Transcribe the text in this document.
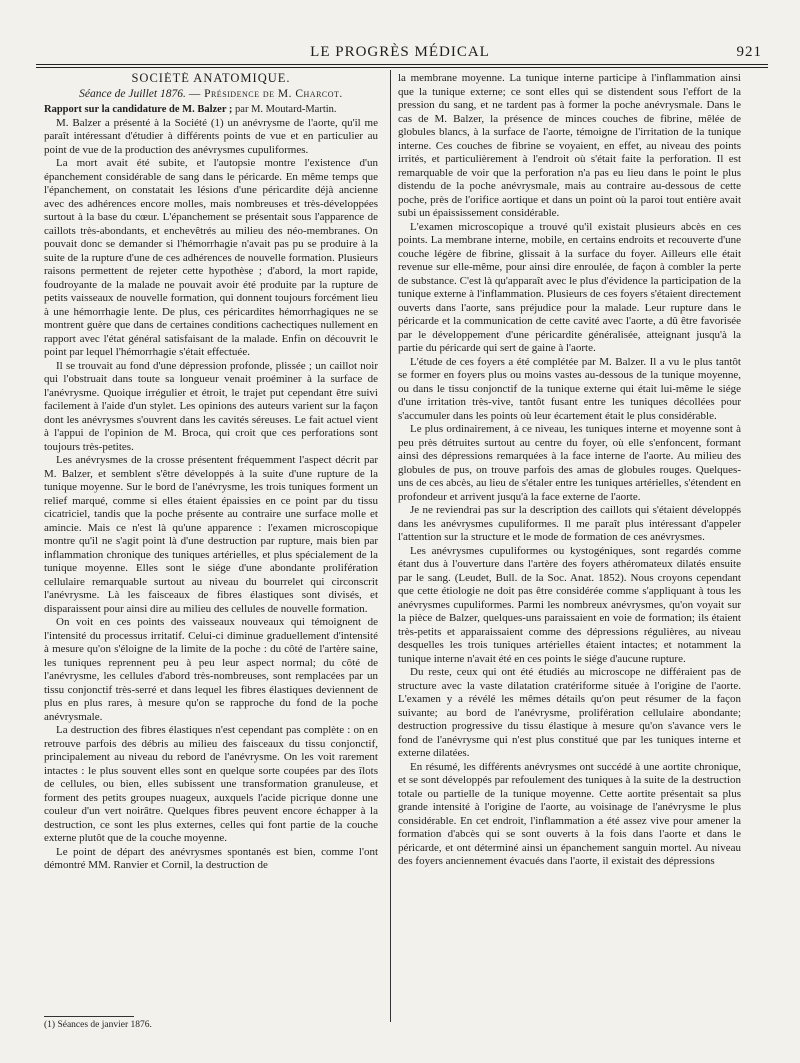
LE PROGRÈS MÉDICAL	921
SOCIÉTÉ ANATOMIQUE.
Séance de Juillet 1876. — Présidence de M. Charcot.

Rapport sur la candidature de M. Balzer ; par M. Moutard-Martin.

M. Balzer a présenté à la Société (1) un anévrysme de l'aorte, qu'il me paraît intéressant d'étudier à différents points de vue et en particulier au point de vue de la production des anévrysmes cupuliformes.

La mort avait été subite, et l'autopsie montre l'existence d'un épanchement considérable de sang dans le péricarde. En même temps que l'épanchement, on constatait les lésions d'une péricardite déjà ancienne avec des adhérences encore molles, mais nombreuses et très-développées surtout à la base du cœur. L'épanchement se présentait sous l'apparence de caillots très-abondants, et enchevêtrés au milieu des néo-membranes. On pouvait donc se demander si l'hémorrhagie n'avait pas pu se produire à la suite de la rupture d'une de ces adhérences de nouvelle formation. Plusieurs raisons permettent de rejeter cette hypothèse ; d'abord, la mort rapide, foudroyante de la malade ne pouvait avoir été produite par la rupture de petits vaisseaux de nouvelle formation, qui donnent toujours forcément lieu à une hémorrhagie lente. De plus, ces péricardites hémorrhagiques ne se montrent guère que dans de certaines conditions cachectiques nullement en rapport avec l'état général satisfaisant de la malade. Enfin on découvrit le point par lequel l'hémorrhagie s'était effectuée.

Il se trouvait au fond d'une dépression profonde, plissée ; un caillot noir qui l'obstruait dans toute sa longueur venait proéminer à la surface de l'anévrysme. Quoique irrégulier et étroit, le trajet put cependant être suivi facilement à l'aide d'un stylet. Les opinions des auteurs varient sur la façon dont les anévrysmes s'ouvrent dans les cavités séreuses. Le fait actuel vient à l'appui de l'opinion de M. Broca, qui croit que ces perforations sont toujours très-petites.

Les anévrysmes de la crosse présentent fréquemment l'aspect décrit par M. Balzer, et semblent s'être développés à la suite d'une rupture de la tunique moyenne. Sur le bord de l'anévrysme, les trois tuniques forment un relief marqué, comme si elles étaient épaissies en ce point par du tissu cicatriciel, tandis que la poche présente au contraire une surface molle et amincie. Mais ce n'est là qu'une apparence : l'examen microscopique montre qu'il ne s'agit point là d'une destruction par rupture, mais bien par inflammation chronique des tuniques artérielles, et plus spécialement de la tunique moyenne. Elles sont le siége d'une abondante prolifération cellulaire remarquable surtout au niveau du bourrelet qui circonscrit l'anévrysme. Là les faisceaux de fibres élastiques sont divisés, et disparaissent pour ainsi dire au milieu des cellules de nouvelle formation.

On voit en ces points des vaisseaux nouveaux qui témoignent de l'intensité du processus irritatif. Celui-ci diminue graduellement d'intensité à mesure qu'on s'éloigne de la limite de la poche : du côté de l'artère saine, les tuniques reprennent peu à peu leur aspect normal; du côté de l'anévrysme, les cellules d'abord très-nombreuses, sont remplacées par un tissu conjonctif très-serré et dans lequel les fibres élastiques deviennent de plus en plus rares, à mesure qu'on se rapproche du fond de la poche anévrysmale.

La destruction des fibres élastiques n'est cependant pas complète : on en retrouve parfois des débris au milieu des faisceaux du tissu conjonctif, principalement au niveau du rebord de l'anévrysme. On les voit rarement intactes : le plus souvent elles sont en quelque sorte coupées par des îlots de cellules, ou bien, elles subissent une transformation granuleuse, et forment des petits groupes nuageux, auxquels l'acide picrique donne une couleur d'un vert noirâtre. Quelques fibres peuvent encore échapper à la destruction, ce sont les plus externes, celles qui font partie de la couche externe plutôt que de la couche moyenne.

Le point de départ des anévrysmes spontanés est bien, comme l'ont démontré MM. Ranvier et Cornil, la destruction de

(1) Séances de janvier 1876.

la membrane moyenne. La tunique interne participe à l'inflammation ainsi que la tunique externe; ce sont elles qui se distendent sous l'effort de la pression du sang, et ne tardent pas à former la poche anévrysmale. Dans le cas de M. Balzer, la présence de minces couches de fibrine, mêlée de globules blancs, à la surface de l'aorte, témoigne de l'irritation de la tunique interne. Ces couches de fibrine se voyaient, en effet, au niveau des points irrités, et particulièrement à l'endroit où s'était faite la perforation. Il est remarquable de voir que la perforation n'a pas eu lieu dans le point le plus distendu de la poche anévrysmale, mais au contraire au-dessous de cette poche, près de l'orifice aortique et dans un point où la paroi tout entière avait subi un épaississement considérable.

L'examen microscopique a trouvé qu'il existait plusieurs abcès en ces points. La membrane interne, mobile, en certains endroits et recouverte d'une couche légère de fibrine, glissait à la surface du foyer. Ailleurs elle était revenue sur elle-même, pour ainsi dire enroulée, de façon à combler la perte de substance. C'est là qu'apparaît avec le plus d'évidence la participation de la tunique externe à l'inflammation. Plusieurs de ces foyers s'étaient directement ouverts dans l'aorte, sans préjudice pour la malade. Leur rupture dans le péricarde et la communication de cette cavité avec l'aorte, a dû être favorisée par le développement d'une péricardite généralisée, atteignant jusqu'à la partie du péricarde qui sert de gaine à l'aorte.

L'étude de ces foyers a été complétée par M. Balzer. Il a vu le plus tantôt se former en foyers plus ou moins vastes au-dessous de la tunique moyenne, ou dans le tissu conjonctif de la tunique externe qui était lui-même le siége d'une irritation très-vive, tantôt fusant entre les tuniques décollées pour s'accumuler dans les points où leur écartement était le plus considérable.

Le plus ordinairement, à ce niveau, les tuniques interne et moyenne sont à peu près détruites surtout au centre du foyer, où elle s'enfoncent, formant ainsi des dépressions remarquées à la face interne de l'aorte. Au milieu des globules de pus, on trouve parfois des amas de globules rouges. Quelques-uns de ces abcès, au lieu de s'étaler entre les tuniques artérielles, s'étendent en profondeur et arrivent jusqu'à la face externe de l'aorte.

Je ne reviendrai pas sur la description des caillots qui s'étaient développés dans les anévrysmes cupuliformes. Il me paraît plus intéressant d'appeler l'attention sur la structure et le mode de formation de ces anévrysmes.

Les anévrysmes cupuliformes ou kystogéniques, sont regardés comme étant dus à l'ouverture dans l'artère des foyers athéromateux dilatés ensuite par le sang. (Leudet, Bull. de la Soc. Anat. 1852). Nous croyons cependant que cette étiologie ne doit pas être considérée comme s'appliquant à tous les anévrysmes cupuliformes. Parmi les nombreux anévrysmes, qu'on voyait sur la pièce de Balzer, quelques-uns paraissaient en voie de formation; ils étaient très-petits et apparaissaient comme des dépressions régulières, au niveau desquelles les trois tuniques artérielles étaient intactes; et notamment la tunique interne n'avait été en ces points le siége d'aucune rupture.

Du reste, ceux qui ont été étudiés au microscope ne différaient pas de structure avec la vaste dilatation cratériforme située à l'origine de l'aorte. L'examen y a révélé les mêmes détails qu'on peut résumer de la façon suivante; au bord de l'anévrysme, prolifération cellulaire abondante; destruction progressive du tissu élastique à mesure qu'on s'avance vers le fond de l'anévrysme qui n'est plus constitué que par les tuniques interne et externe dilatées.

En résumé, les différents anévrysmes ont succédé à une aortite chronique, et se sont développés par refoulement des tuniques à la suite de la destruction totale ou partielle de la tunique moyenne. Cette aortite présentait sa plus grande intensité à l'origine de l'aorte, au voisinage de l'anévrysme le plus considérable. En cet endroit, l'inflammation a été assez vive pour amener la formation d'abcès qui se sont ouverts à la fois dans l'aorte et dans le péricarde, et ont déterminé ainsi un épanchement sanguin mortel. Au niveau des foyers anciennement évacués dans l'aorte, il existait des dépressions
